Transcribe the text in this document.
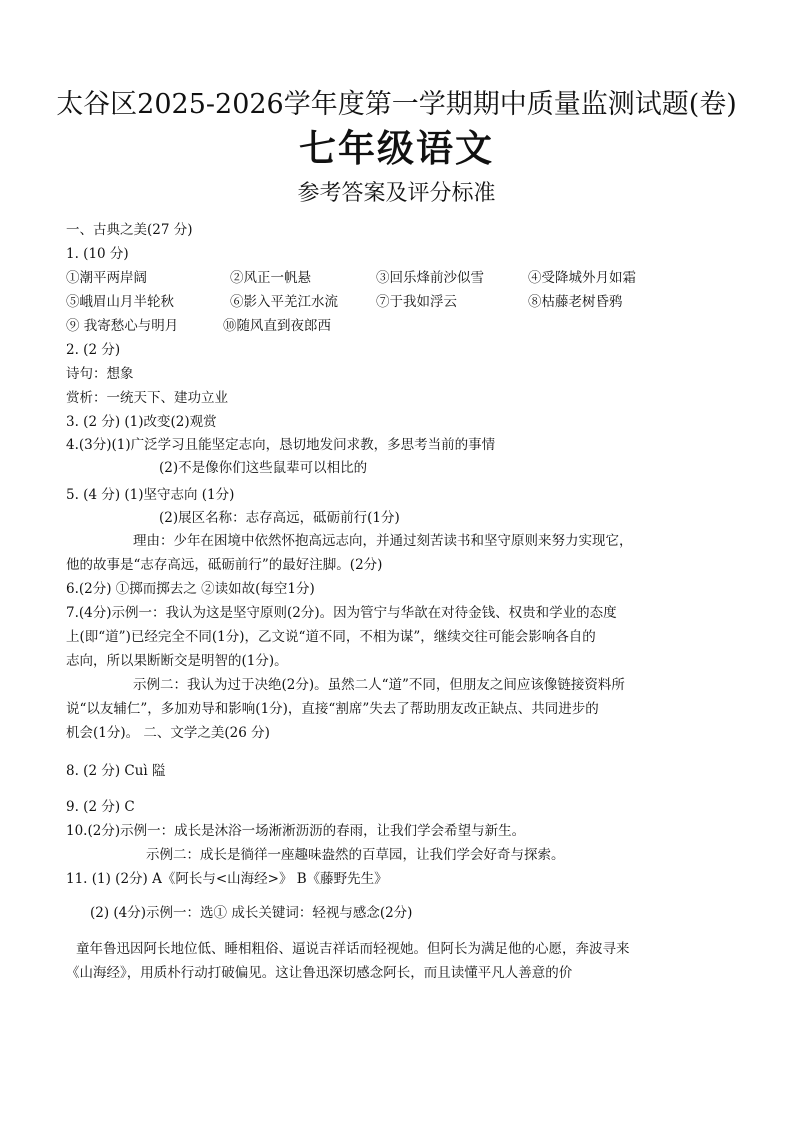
太谷区2025-2026学年度第一学期期中质量监测试题(卷)
七年级语文
参考答案及评分标准
一、古典之美(27 分)
1. (10 分)
①潮平两岸阔	②风正一帆悬	③回乐烽前沙似雪	④受降城外月如霜
⑤峨眉山月半轮秋	⑥影入平羌江水流	⑦于我如浮云	⑧枯藤老树昏鸦
⑨ 我寄愁心与明月	⑩随风直到夜郎西
2. (2 分)
诗句：想象
赏析：一统天下、建功立业
3. (2 分) (1)改变(2)观赏
4.(3分)(1)广泛学习且能坚定志向，恳切地发问求教，多思考当前的事情
(2)不是像你们这些鼠辈可以相比的
5. (4 分) (1)坚守志向 (1分)
(2)展区名称：志存高远，砥砺前行(1分)
理由：少年在困境中依然怀抱高远志向，并通过刻苦读书和坚守原则来努力实现它，
他的故事是“志存高远，砥砺前行”的最好注脚。(2分)
6.(2分) ①掷而掷去之 ②读如故(每空1分)
7.(4分)示例一：我认为这是坚守原则(2分)。因为管宁与华歆在对待金钱、权贵和学业的态度
上(即“道”)已经完全不同(1分)，乙文说“道不同，不相为谋”，继续交往可能会影响各自的
志向，所以果断断交是明智的(1分)。
示例二：我认为过于决绝(2分)。虽然二人“道”不同，但朋友之间应该像链接资料所
说“以友辅仁”，多加劝导和影响(1分)，直接“割席”失去了帮助朋友改正缺点、共同进步的
机会(1分)。 二、文学之美(26 分)
8. (2 分) Cuì 隘
9. (2 分) C
10.(2分)示例一：成长是沐浴一场淅淅沥沥的春雨，让我们学会希望与新生。
示例二：成长是徜徉一座趣味盎然的百草园，让我们学会好奇与探索。
11. (1) (2分) A《阿长与<山海经>》 B《藤野先生》
(2) (4分)示例一：选① 成长关键词：轻视与感念(2分)
童年鲁迅因阿长地位低、睡相粗俗、逼说吉祥话而轻视她。但阿长为满足他的心愿，奔波寻来
《山海经》，用质朴行动打破偏见。这让鲁迅深切感念阿长，而且读懂平凡人善意的价
